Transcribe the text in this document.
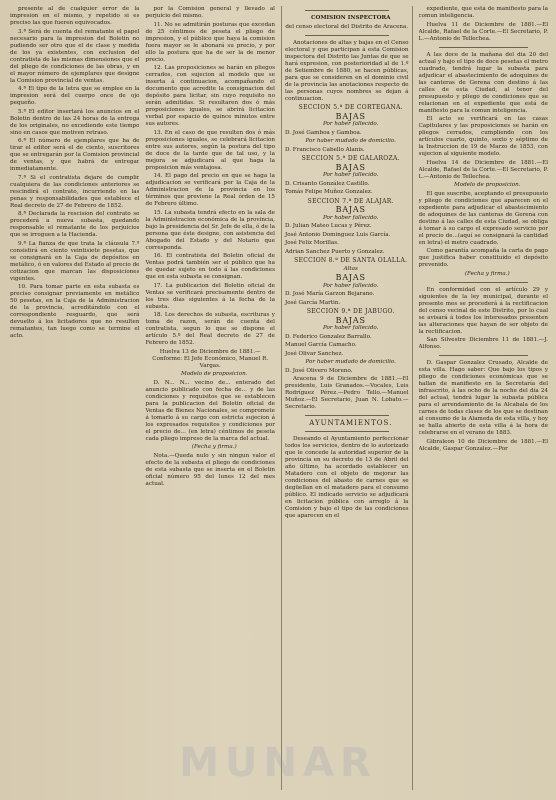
presente al de cualquier error de la impresion en el mismo, y repetido si es preciso las que fueren equivocados.

3.ª Será de cuenta del rematante el papel necesario para la impresion del Boletin no pudiendo ser otro que el de clase y medida de los ya existentes, con exclusion del contratista de las mismas dimensiones que el del pliego de condiciones de las obras, y en el mayor número de ejemplares que designe la Comision provincial de ventas.

4.ª El tipo de la letra que se emplee en la impresion será del cuerpo once de ojo pequeño.

5.ª El editor insertará los anuncios en el Boletin dentro de las 24 horas de la entrega de los originales, no excediendo este tiempo sino en casos que motiven retraso.

6.ª El número de ejemplares que ha de tirar el editor será el de ciento, suscritores que se entregarán por la Comision provincial de ventas, y que habrá de entregar inmediatamente.

7.ª Si el contratista dejare de cumplir cualquiera de las condiciones anteriores se rescindirá el contrato, incurriendo en las penas y responsabilidades que establece el Real decreto de 27 de Febrero de 1852.

8.ª Declarada la rescision del contrato se procederá a nueva subasta, quedando responsable el rematante de los perjuicios que se irroguen a la Hacienda.

9.ª La fianza de que trata la cláusula 7.ª consistirá en ciento veintisiete pesetas, que se consignará en la Caja de depósitos en metálico, ó en valores del Estado al precio de cotizacion que marcan las disposiciones vigentes.

10. Para tomar parte en esta subasta es preciso consignar previamente en metálico 50 pesetas, en la Caja de la Administracion de la provincia, acreditándolo con el correspondiente resguardo, que será devuelto á los licitadores que no resulten rematantes, tan luego como se termine el acto.

por la Comision general y llevado al perjuicio del mismo.

11. No se admitirán posturas que excedan de 25 céntimos de peseta el pliego de impresion, y el público que haya la comision fuera mayor se le abonará su precio, y por ello la postura que ha de ser la de menor precio.

12. Las proposiciones se harán en pliegos cerrados, con sujecion al modelo que se inserta á continuacion, acompañando el documento que acredite la consignacion del depósito para licitar, sin cuyo requisito no serán admitidas. Si resultaren dos ó más proposiciones iguales, se abrirá licitacion verbal por espacio de quince minutos entre sus autores.

13. En el caso de que resulten dos ó más proposiciones iguales, se celebrará licitacion entre sus autores, según la postura del tipo de doce de la tarde que de tal uso, y la mejora se adjudicará al que haga la proposicion más ventajosa.

14. El pago del precio en que se haga la adjudicacion se verificará por la Caja de la Administracion de la provincia en los términos que previene la Real órden de 15 de Febrero último.

15. La subasta tendrá efecto en la sala de la Administracion económica de la provincia, bajo la presidencia del Sr. Jefe de ella, ó de la persona que éste designe, con asistencia del Abogado del Estado y del Notario que corresponda.

16. El contratista del Boletin oficial de Ventas podrá también ser el público que ha de quedar sujeto en todo á las condiciones que en esta subasta se consignan.

17. La publicacion del Boletin oficial de Ventas se verificará precisamente dentro de los tres dias siguientes á la fecha de la subasta.

18. Los derechos de subasta, escrituras y toma de razon, serán de cuenta del contratista, segun lo que se dispone el artículo 5.º del Real decreto de 27 de Febrero de 1852.

Huelva 13 de Diciembre de 1881.—Conforme: El Jefe Económico, Manuel R. Vargas.

Modelo de proposicion.

D. N... N... vecino de... enterado del anuncio publicado con fecha de... y de las condiciones y requisitos que se establecen para la publicacion del Boletin oficial de Ventas de Bienes Nacionales, se compromete á tomarlo á su cargo con estricta sujecion á los expresados requisitos y condiciones por el precio de... (en letra) céntimos de peseta cada pliego impreso de la marca del actual.

(Fecha y firma.)

Nota.—Queda nulo y sin ningun valor el efecto de la subasta el pliego de condiciones de esta subasta que se inserta en el Boletin oficial número 95 del lunes 12 del mes actual.

COMISION INSPECTORA

del censo electoral del Distrito de Aracena.

Anotaciones de altas y bajas en el Censo electoral y que participan á esta Comision inspectora del Distrito las Juntas de que se hará expresion, con posterioridad al de 1.º de Setiembre de 1880, se hacen públicas, para que se consideren en el dominio civil de la provincia las anotaciones respecto de las personas cuyos nombres se dejan á continuacion.

SECCION 5.ª DE CORTEGANA.

BAJAS

Por haber fallecido.

D. José Gamboa y Gamboa.

Por haber mudado de domicilio.

D. Francisco Cabello Alanis.

SECCION 5.ª DE GALAROZA.

BAJAS

Por haber fallecido.

D. Crisanto González Castillo.

Tomás Felipe Muñoz Gonzalez.

SECCION 7.ª DE ALAJAR.

BAJAS

Por haber fallecido.

D. Julian Mateo Lucas y Pérez.

José Antonio Dominguez Luis García.

José Feliz Morillas.

Adrian Sanchez Puerto y Gonzalez.

SECCION 8.ª DE SANTA OLALLA.

Altas

BAJAS

Por haber fallecido.

D. José María Garzon Bejarano.

José García Martin.

SECCION 9.ª DE JABUGO.

BAJAS

Por haber fallecido.

D. Federico Gonzalez Barrallo.

Manuel García Camacho.

José Olivar Sanchez.

Por haber mudado de domicilio.

D. José Olivero Moreno.

Aracena 9 de Diciembre de 1881.—El presidente, Luis Granados.—Vocales, Luis Rodríguez Pérez.—Pedro Tello.—Manuel Muñoz.—El Secretario, Juan N. Lobato.—Secretario.

AYUNTAMIENTOS.

Deseando el Ayuntamiento perfeccionar todos los servicios, dentro de lo autorizado que le concede la autoridad superior de la provincia en su decreto de 13 de Abril del año último, ha acordado establecer un Matadero con el objeto de mejorar las condiciones del abasto de carnes que se degüellan en el matadero para el consumo público. El indicado servicio se adjudicará en licitacion pública con arreglo á la Comision y bajo el tipo de las condiciones que aparecen en el

expediente, que está de manifiesto para la comun inteligencia.

Huelva 11 de Diciembre de 1881.—El Alcalde, Rafael de la Corte.—El Secretario, P. L.—Antonio de Tellechea.

A las doce de la mañana del dia 20 del actual y bajo el tipo de doce pesetas el metro cuadrado, tendrá lugar la subasta para adjudicar el abastecimiento de adoquines de las canteras de Gerena con destino á las calles de esta Ciudad, al tenor del presupuesto y pliego de condiciones que se relacionan en el expediente que está de manifiesto para la comun inteligencia.

El acto se verificará en las casas Capitulares y las proposiciones se harán en pliegos cerrados, cumpliendo con los artículos cuarto, quinto, sexto y séptimo de la Instruccion de 19 de Marzo de 1853, con sujecion al siguiente modelo.

Huelva 14 de Diciembre de 1881.—El Alcalde, Rafael de la Corte.—El Secretario, P. L.—Antonio de Tellechea.

Modelo de proposicion.

El que suscribe, aceptando el presupuesto y pliego de condiciones que aparecen en el expediente para adjudicar el abastecimiento de adoquines de las canteras de Gerena con destino á las calles de esta Ciudad, se obliga á tomar á su cargo el expresado servicio por el precio de...(aquí se consignará la cantidad en letra) el metro cuadrado.

Como garantía acompaña la carta de pago que justifica haber constituido el depósito prevenido.

(Fecha y firma.)

En conformidad con el artículo 29 y siguientes de la ley municipal, durante el presente mes se procederá á la rectificacion del censo vecinal de este Distrito, por lo cual se avisará á todos los interesados presenten las alteraciones que hayan de ser objeto de la rectificacion.

San Silvestre Diciembre 11 de 1881.—J. Alfonso.

D. Gaspar Gonzalez Crusado, Alcalde de esta villa. Hago saber: Que bajo los tipos y pliego de condiciones económicas que se hallan de manifiesto en la Secretaría del infrascrito, á las ocho de la noche del dia 24 del actual, tendrá lugar la subasta pública para el arrendamiento de la Alcabala de los carnes de todas clases de los que se destinan al consumo de la Alameda de esta villa, y hoy se halla abierto de esta villa á la hora de celebrarse en el verano de 1883.

Gibraleon 10 de Diciembre de 1881.—El Alcalde, Gaspar Gonzalez.—Por

MUNAR
